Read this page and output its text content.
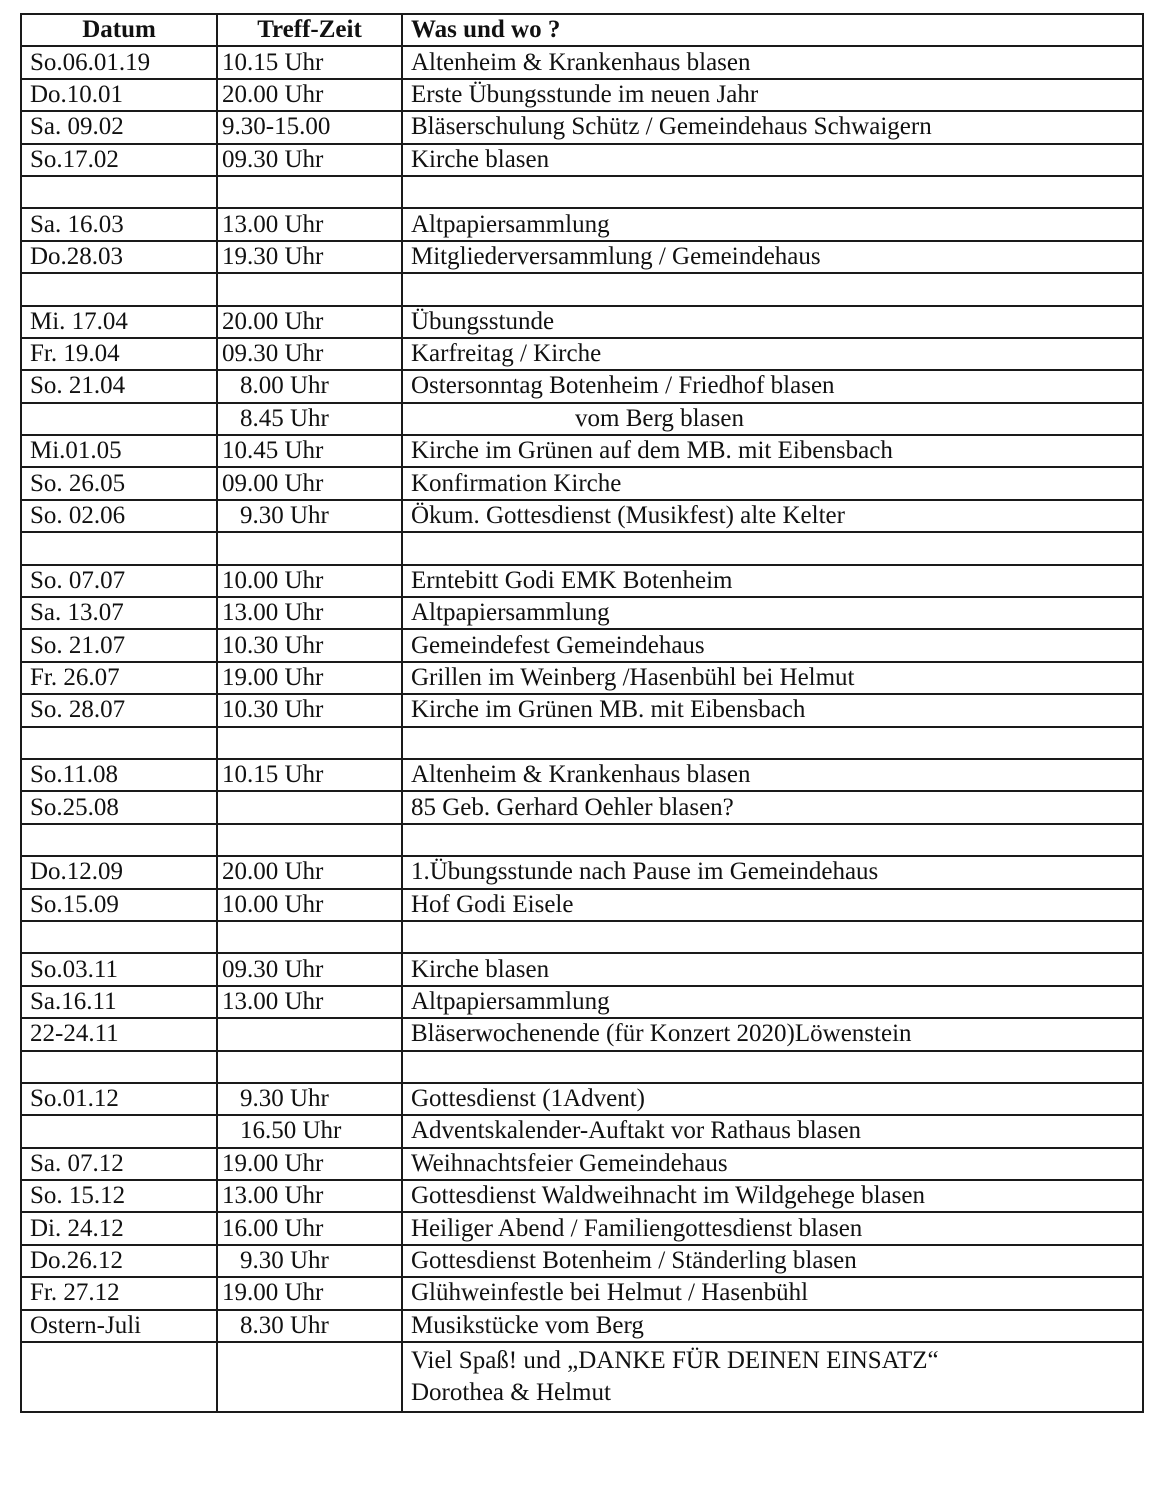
Datum	Treff-Zeit	Was und wo ?
So.06.01.19	10.15 Uhr	Altenheim & Krankenhaus blasen
Do.10.01	20.00 Uhr	Erste Übungsstunde im neuen Jahr
Sa. 09.02	9.30-15.00	Bläserschulung Schütz / Gemeindehaus Schwaigern
So.17.02	09.30 Uhr	Kirche blasen

Sa. 16.03	13.00 Uhr	Altpapiersammlung
Do.28.03	19.30 Uhr	Mitgliederversammlung / Gemeindehaus

Mi. 17.04	20.00 Uhr	Übungsstunde
Fr. 19.04	09.30 Uhr	Karfreitag / Kirche
So. 21.04	8.00 Uhr	Ostersonntag Botenheim / Friedhof blasen
	8.45 Uhr	vom Berg blasen
Mi.01.05	10.45 Uhr	Kirche im Grünen auf dem MB. mit Eibensbach
So. 26.05	09.00 Uhr	Konfirmation Kirche
So. 02.06	9.30 Uhr	Ökum. Gottesdienst (Musikfest) alte Kelter

So. 07.07	10.00 Uhr	Erntebitt Godi EMK Botenheim
Sa. 13.07	13.00 Uhr	Altpapiersammlung
So. 21.07	10.30 Uhr	Gemeindefest Gemeindehaus
Fr. 26.07	19.00 Uhr	Grillen im Weinberg /Hasenbühl bei Helmut
So. 28.07	10.30 Uhr	Kirche im Grünen MB. mit Eibensbach

So.11.08	10.15 Uhr	Altenheim & Krankenhaus blasen
So.25.08		85 Geb. Gerhard Oehler blasen?

Do.12.09	20.00 Uhr	1.Übungsstunde nach Pause im Gemeindehaus
So.15.09	10.00 Uhr	Hof Godi Eisele

So.03.11	09.30 Uhr	Kirche blasen
Sa.16.11	13.00 Uhr	Altpapiersammlung
22-24.11		Bläserwochenende (für Konzert 2020)Löwenstein

So.01.12	9.30 Uhr	Gottesdienst (1Advent)
	16.50 Uhr	Adventskalender-Auftakt vor Rathaus blasen
Sa. 07.12	19.00 Uhr	Weihnachtsfeier Gemeindehaus
So. 15.12	13.00 Uhr	Gottesdienst Waldweihnacht im Wildgehege blasen
Di. 24.12	16.00 Uhr	Heiliger Abend / Familiengottesdienst blasen
Do.26.12	9.30 Uhr	Gottesdienst Botenheim / Ständerling blasen
Fr. 27.12	19.00 Uhr	Glühweinfestle bei Helmut / Hasenbühl
Ostern-Juli	8.30 Uhr	Musikstücke vom Berg

		Viel Spaß! und „DANKE FÜR DEINEN EINSATZ“
Dorothea & Helmut
